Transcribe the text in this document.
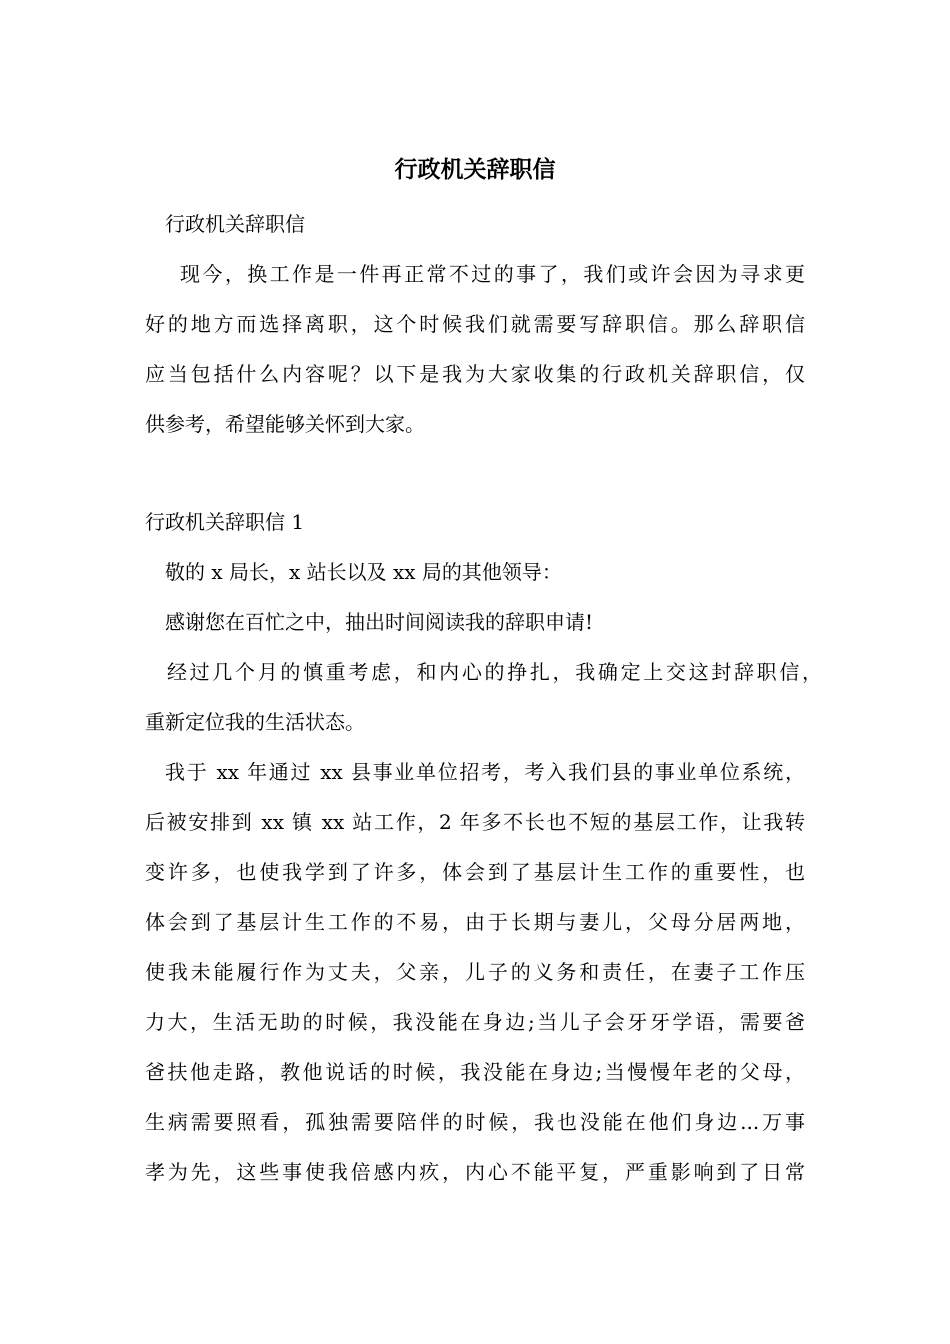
行政机关辞职信
行政机关辞职信
现今，换工作是一件再正常不过的事了，我们或许会因为寻求更
好的地方而选择离职，这个时候我们就需要写辞职信。那么辞职信
应当包括什么内容呢？以下是我为大家收集的行政机关辞职信，仅
供参考，希望能够关怀到大家。
行政机关辞职信 1
敬的 x 局长，x 站长以及 xx 局的其他领导：
感谢您在百忙之中，抽出时间阅读我的辞职申请!
经过几个月的慎重考虑，和内心的挣扎，我确定上交这封辞职信，
重新定位我的生活状态。
我于 xx 年通过 xx 县事业单位招考，考入我们县的事业单位系统，
后被安排到 xx 镇 xx 站工作，2 年多不长也不短的基层工作，让我转
变许多，也使我学到了许多，体会到了基层计生工作的重要性，也
体会到了基层计生工作的不易，由于长期与妻儿，父母分居两地，
使我未能履行作为丈夫，父亲，儿子的义务和责任，在妻子工作压
力大，生活无助的时候，我没能在身边;当儿子会牙牙学语，需要爸
爸扶他走路，教他说话的时候，我没能在身边;当慢慢年老的父母，
生病需要照看，孤独需要陪伴的时候，我也没能在他们身边...万事
孝为先，这些事使我倍感内疚，内心不能平复，严重影响到了日常
